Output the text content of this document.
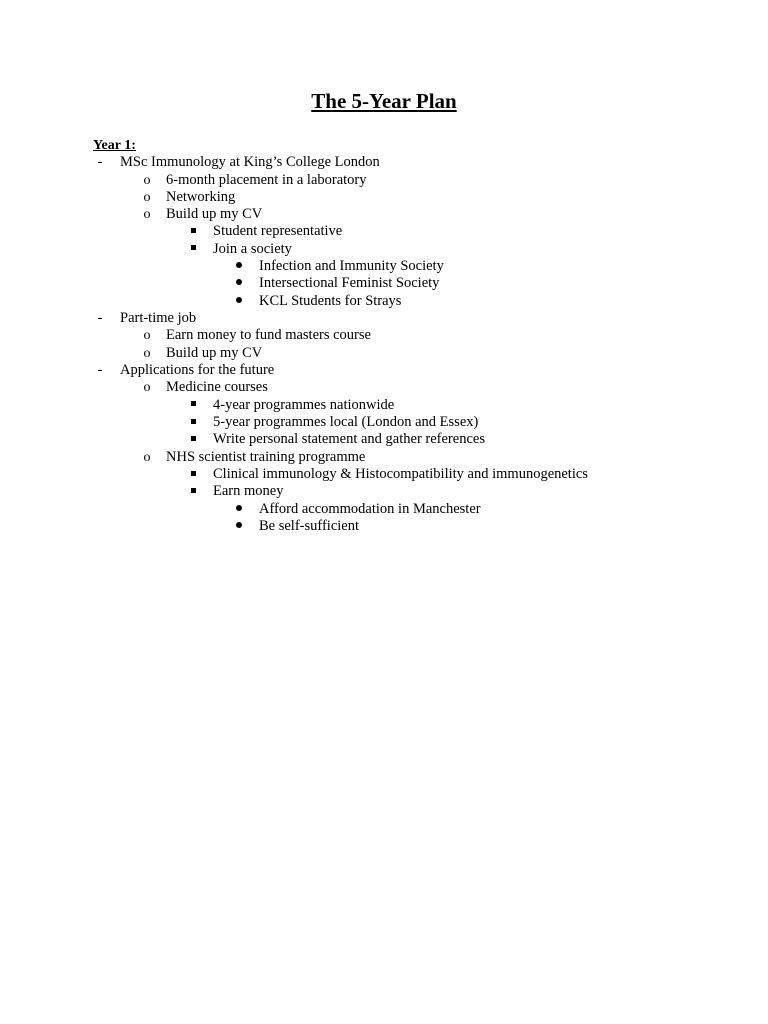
The 5-Year Plan
Year 1:
-	MSc Immunology at King’s College London
o 6-month placement in a laboratory
o Networking
o Build up my CV
Student representative
Join a society
Infection and Immunity Society
Intersectional Feminist Society
KCL Students for Strays
-	Part-time job
o Earn money to fund masters course
o Build up my CV
-	Applications for the future
o Medicine courses
4-year programmes nationwide
5-year programmes local (London and Essex)
Write personal statement and gather references
o NHS scientist training programme
Clinical immunology & Histocompatibility and immunogenetics
Earn money
Afford accommodation in Manchester
Be self-sufficient
